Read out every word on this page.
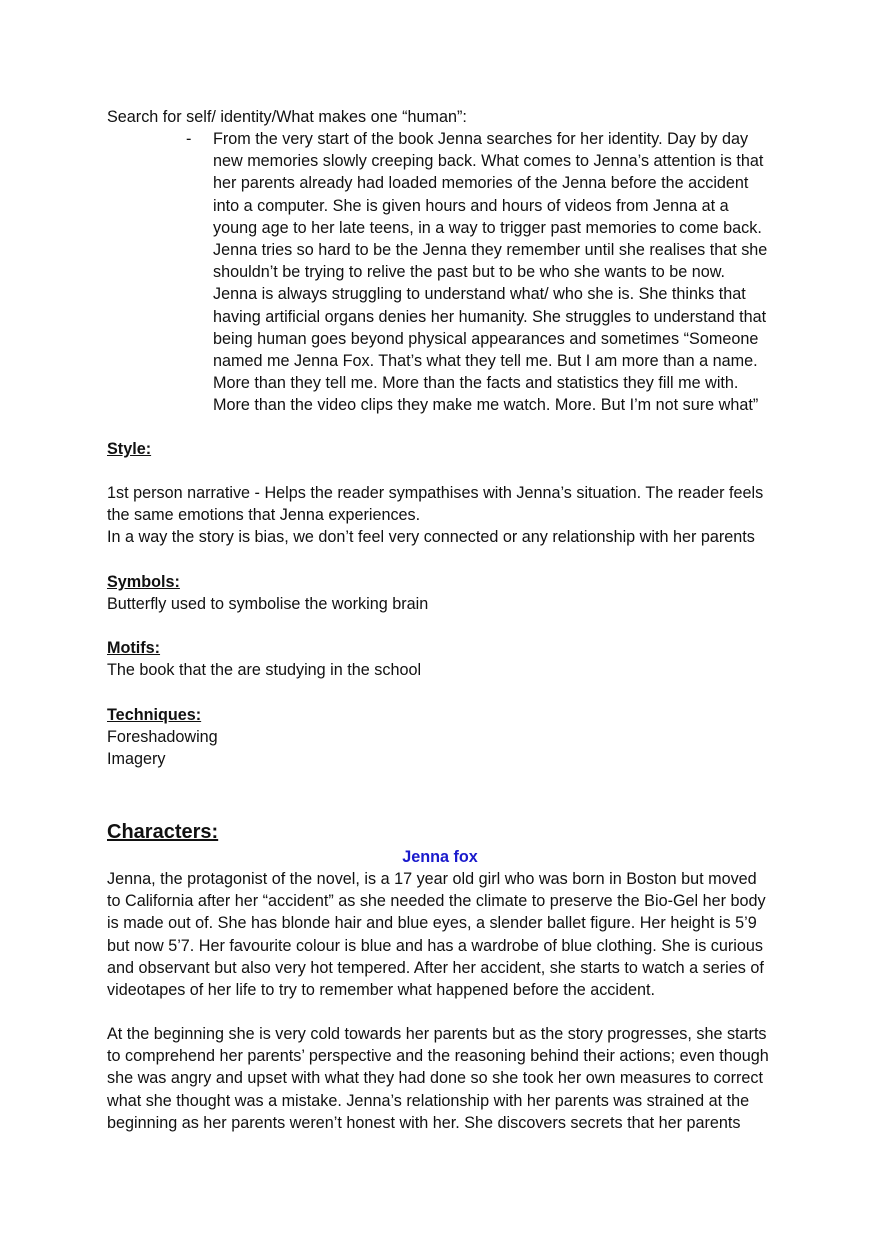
Search for self/ identity/What makes one “human”:
- From the very start of the book Jenna searches for her identity. Day by day
new memories slowly creeping back. What comes to Jenna’s attention is that
her parents already had loaded memories of the Jenna before the accident
into a computer. She is given hours and hours of videos from Jenna at a
young age to her late teens, in a way to trigger past memories to come back.
Jenna tries so hard to be the Jenna they remember until she realises that she
shouldn’t be trying to relive the past but to be who she wants to be now.
Jenna is always struggling to understand what/ who she is. She thinks that
having artificial organs denies her humanity. She struggles to understand that
being human goes beyond physical appearances and sometimes “Someone
named me Jenna Fox. That’s what they tell me. But I am more than a name.
More than they tell me. More than the facts and statistics they fill me with.
More than the video clips they make me watch. More. But I’m not sure what”
Style:
1st person narrative - Helps the reader sympathises with Jenna’s situation. The reader feels
the same emotions that Jenna experiences.
In a way the story is bias, we don’t feel very connected or any relationship with her parents
Symbols:
Butterfly used to symbolise the working brain
Motifs:
The book that the are studying in the school
Techniques:
Foreshadowing
Imagery
Characters:
Jenna fox
Jenna, the protagonist of the novel, is a 17 year old girl who was born in Boston but moved
to California after her “accident” as she needed the climate to preserve the Bio-Gel her body
is made out of. She has blonde hair and blue eyes, a slender ballet figure. Her height is 5’9
but now 5’7. Her favourite colour is blue and has a wardrobe of blue clothing. She is curious
and observant but also very hot tempered. After her accident, she starts to watch a series of
videotapes of her life to try to remember what happened before the accident.
At the beginning she is very cold towards her parents but as the story progresses, she starts
to comprehend her parents’ perspective and the reasoning behind their actions; even though
she was angry and upset with what they had done so she took her own measures to correct
what she thought was a mistake. Jenna’s relationship with her parents was strained at the
beginning as her parents weren’t honest with her. She discovers secrets that her parents
